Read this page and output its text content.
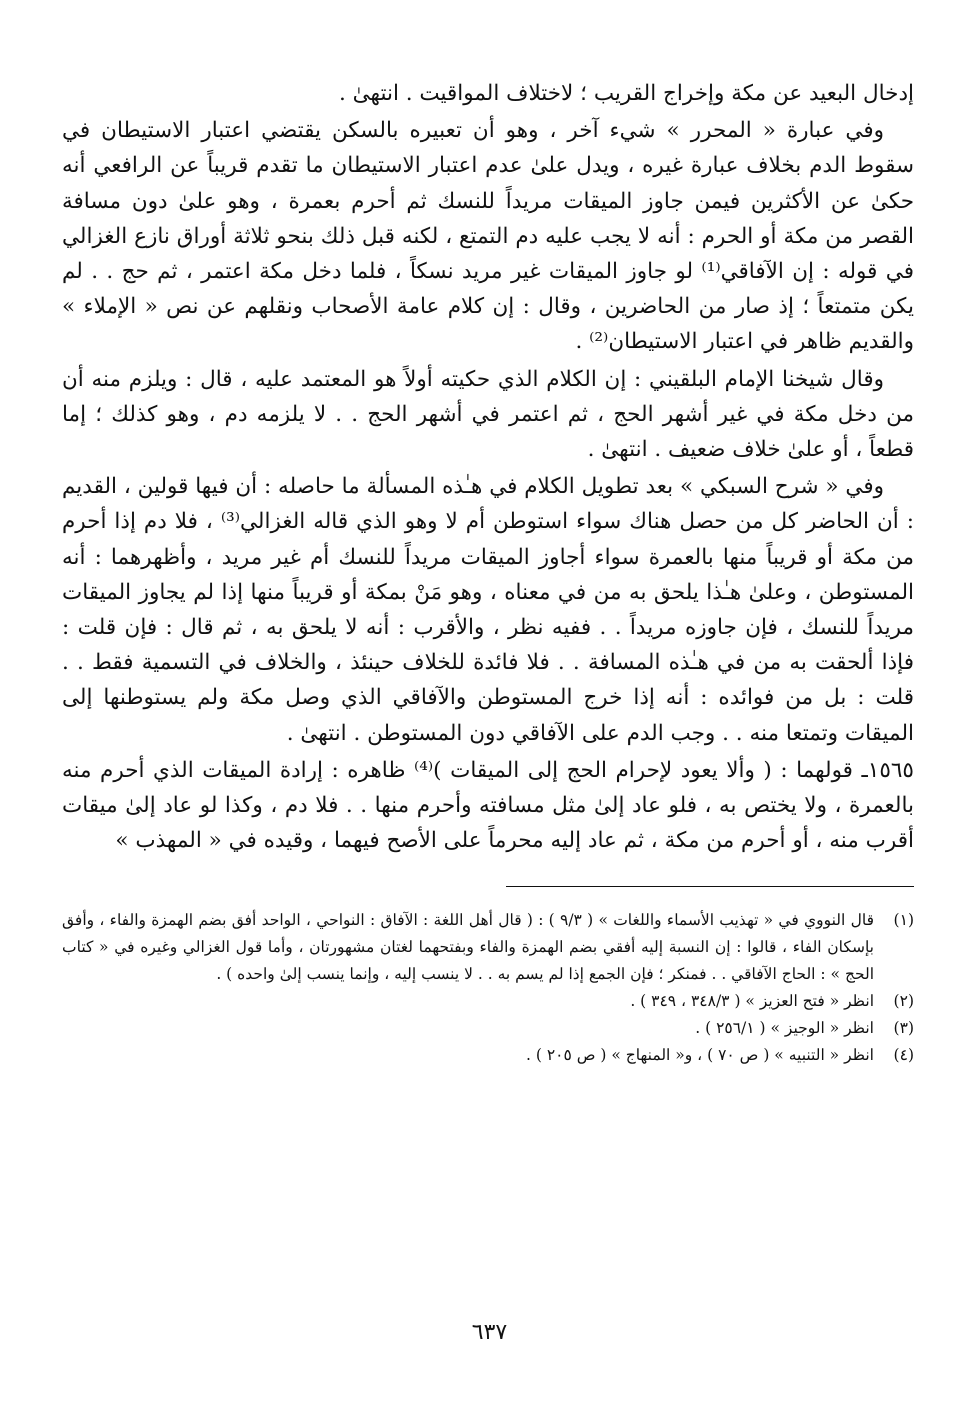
إدخال البعيد عن مكة وإخراج القريب ؛ لاختلاف المواقيت . انتهىٰ .

وفي عبارة « المحرر » شيء آخر ، وهو أن تعبيره بالسكن يقتضي اعتبار الاستيطان في سقوط الدم بخلاف عبارة غيره ، ويدل علىٰ عدم اعتبار الاستيطان ما تقدم قريباً عن الرافعي أنه حكىٰ عن الأكثرين فيمن جاوز الميقات مريداً للنسك ثم أحرم بعمرة ، وهو علىٰ دون مسافة القصر من مكة أو الحرم : أنه لا يجب عليه دم التمتع ، لكنه قبل ذلك بنحو ثلاثة أوراق نازع الغزالي في قوله : إن الآفاقي⁽¹⁾ لو جاوز الميقات غير مريد نسكاً ، فلما دخل مكة اعتمر ، ثم حج . . لم يكن متمتعاً ؛ إذ صار من الحاضرين ، وقال : إن كلام عامة الأصحاب ونقلهم عن نص « الإملاء » والقديم ظاهر في اعتبار الاستيطان⁽²⁾ .

وقال شيخنا الإمام البلقيني : إن الكلام الذي حكيته أولاً هو المعتمد عليه ، قال : ويلزم منه أن من دخل مكة في غير أشهر الحج ، ثم اعتمر في أشهر الحج . . لا يلزمه دم ، وهو كذلك ؛ إما قطعاً ، أو علىٰ خلاف ضعيف . انتهىٰ .

وفي « شرح السبكي » بعد تطويل الكلام في هـٰذه المسألة ما حاصله : أن فيها قولين ، القديم : أن الحاضر كل من حصل هناك سواء استوطن أم لا وهو الذي قاله الغزالي⁽³⁾ ، فلا دم إذا أحرم من مكة أو قريباً منها بالعمرة سواء أجاوز الميقات مريداً للنسك أم غير مريد ، وأظهرهما : أنه المستوطن ، وعلىٰ هـٰذا يلحق به من في معناه ، وهو مَنْ بمكة أو قريباً منها إذا لم يجاوز الميقات مريداً للنسك ، فإن جاوزه مريداً . . ففيه نظر ، والأقرب : أنه لا يلحق به ، ثم قال : فإن قلت : فإذا ألحقت به من في هـٰذه المسافة . . فلا فائدة للخلاف حينئذ ، والخلاف في التسمية فقط . . قلت : بل من فوائده : أنه إذا خرج المستوطن والآفاقي الذي وصل مكة ولم يستوطنها إلى الميقات وتمتعا منه . . وجب الدم على الآفاقي دون المستوطن . انتهىٰ .

١٥٦٥ـ قولهما : ( وألا يعود لإحرام الحج إلى الميقات )⁽⁴⁾ ظاهره : إرادة الميقات الذي أحرم منه بالعمرة ، ولا يختص به ، فلو عاد إلىٰ مثل مسافته وأحرم منها . . فلا دم ، وكذا لو عاد إلىٰ ميقات أقرب منه ، أو أحرم من مكة ، ثم عاد إليه محرماً على الأصح فيهما ، وقيده في « المهذب »

(١)
قال النووي في « تهذيب الأسماء واللغات » ( ٩/٣ ) : ( قال أهل اللغة : الآفاق : النواحي ، الواحد أفق بضم الهمزة والفاء ، وأفق بإسكان الفاء ، قالوا : إن النسبة إليه أفقي بضم الهمزة والفاء وبفتحهما لغتان مشهورتان ، وأما قول الغزالي وغيره في « كتاب الحج » : الحاج الآفاقي . . فمنكر ؛ فإن الجمع إذا لم يسم به . . لا ينسب إليه ، وإنما ينسب إلىٰ واحده ) .
(٢)
انظر « فتح العزيز » ( ٣٤٨/٣ ، ٣٤٩ ) .
(٣)
انظر « الوجيز » ( ٢٥٦/١ ) .
(٤)
انظر « التنبيه » ( ص ٧٠ ) ، و« المنهاج » ( ص ٢٠٥ ) .
٦٣٧
